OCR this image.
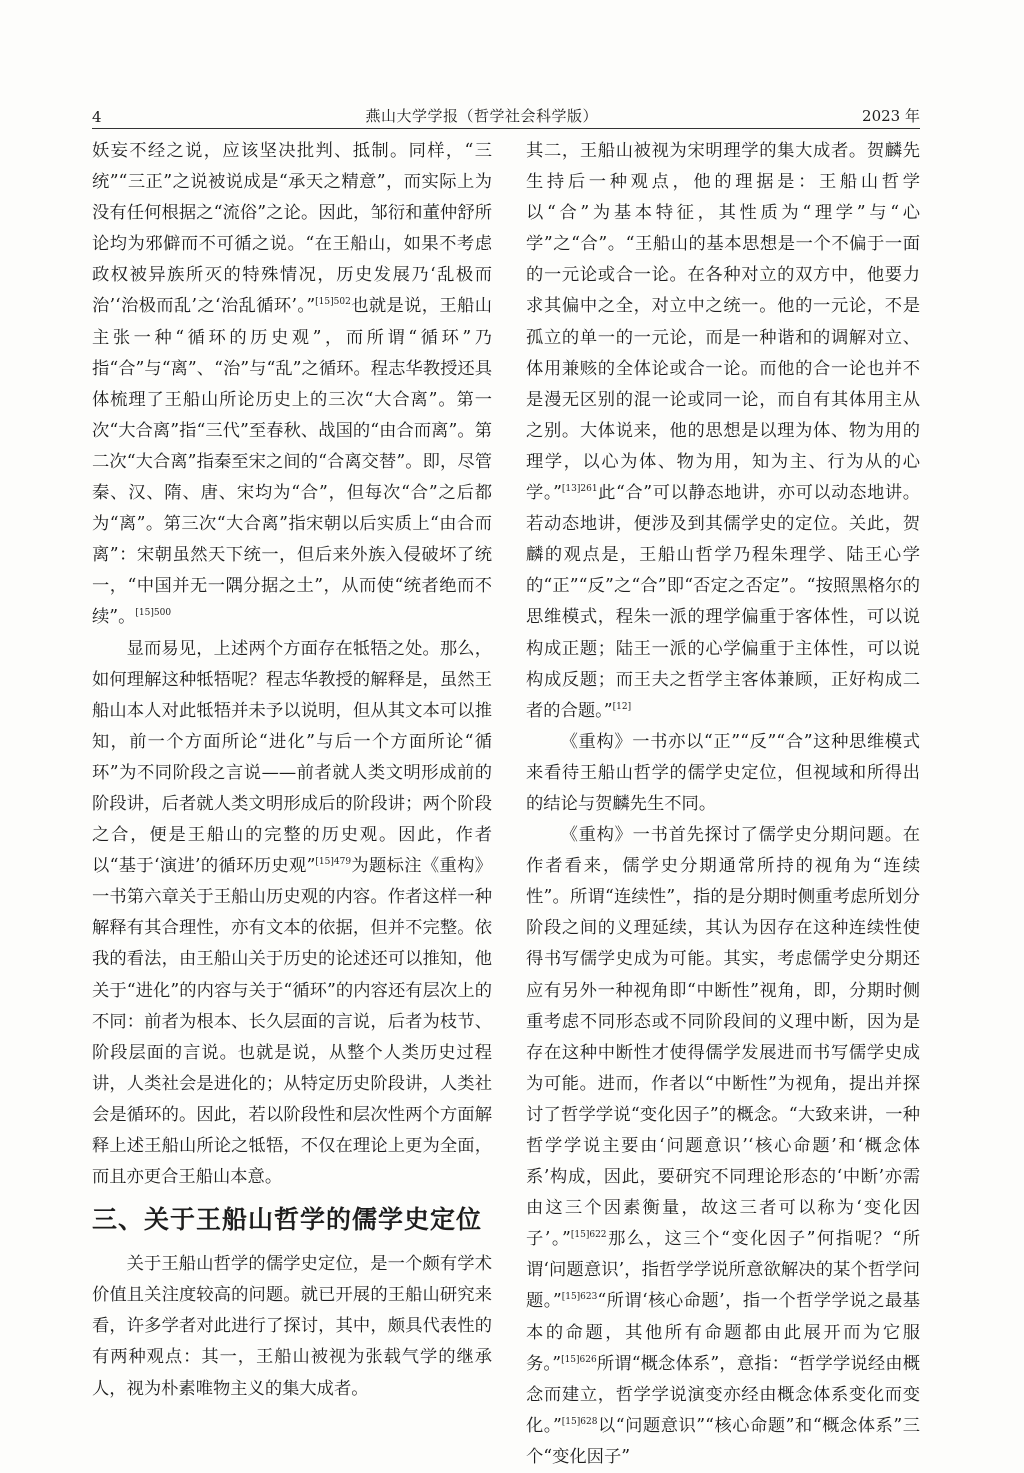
4	燕山大学学报（哲学社会科学版）	2023 年

妖妄不经之说，应该坚决批判、抵制。同样，“三统”“三正”之说被说成是“承天之精意”，而实际上为没有任何根据之“流俗”之论。因此，邹衍和董仲舒所论均为邪僻而不可循之说。“在王船山，如果不考虑政权被异族所灭的特殊情况，历史发展乃‘乱极而治’‘治极而乱’之‘治乱循环’。”$^{[15]502}$也就是说，王船山主张一种“循环的历史观”，而所谓“循环”乃指“合”与“离”、“治”与“乱”之循环。程志华教授还具体梳理了王船山所论历史上的三次“大合离”。第一次“大合离”指“三代”至春秋、战国的“由合而离”。第二次“大合离”指秦至宋之间的“合离交替”。即，尽管秦、汉、隋、唐、宋均为“合”，但每次“合”之后都为“离”。第三次“大合离”指宋朝以后实质上“由合而离”：宋朝虽然天下统一，但后来外族入侵破坏了统一，“中国并无一隅分据之土”，从而使“统者绝而不续”。$^{[15]500}$

显而易见，上述两个方面存在牴牾之处。那么，如何理解这种牴牾呢？程志华教授的解释是，虽然王船山本人对此牴牾并未予以说明，但从其文本可以推知，前一个方面所论“进化”与后一个方面所论“循环”为不同阶段之言说——前者就人类文明形成前的阶段讲，后者就人类文明形成后的阶段讲；两个阶段之合，便是王船山的完整的历史观。因此，作者以“基于‘演进’的循环历史观”$^{[15]479}$为题标注《重构》一书第六章关于王船山历史观的内容。作者这样一种解释有其合理性，亦有文本的依据，但并不完整。依我的看法，由王船山关于历史的论述还可以推知，他关于“进化”的内容与关于“循环”的内容还有层次上的不同：前者为根本、长久层面的言说，后者为枝节、阶段层面的言说。也就是说，从整个人类历史过程讲，人类社会是进化的；从特定历史阶段讲，人类社会是循环的。因此，若以阶段性和层次性两个方面解释上述王船山所论之牴牾，不仅在理论上更为全面，而且亦更合王船山本意。

三、关于王船山哲学的儒学史定位

关于王船山哲学的儒学史定位，是一个颇有学术价值且关注度较高的问题。就已开展的王船山研究来看，许多学者对此进行了探讨，其中，颇具代表性的有两种观点：其一，王船山被视为张载气学的继承人，视为朴素唯物主义的集大成者。

其二，王船山被视为宋明理学的集大成者。贺麟先生持后一种观点，他的理据是：王船山哲学以“合”为基本特征，其性质为“理学”与“心学”之“合”。“王船山的基本思想是一个不偏于一面的一元论或合一论。在各种对立的双方中，他要力求其偏中之全，对立中之统一。他的一元论，不是孤立的单一的一元论，而是一种谐和的调解对立、体用兼赅的全体论或合一论。而他的合一论也并不是漫无区别的混一论或同一论，而自有其体用主从之别。大体说来，他的思想是以理为体、物为用的理学，以心为体、物为用，知为主、行为从的心学。”$^{[13]261}$此“合”可以静态地讲，亦可以动态地讲。若动态地讲，便涉及到其儒学史的定位。关此，贺麟的观点是，王船山哲学乃程朱理学、陆王心学的“正”“反”之“合”即“否定之否定”。“按照黑格尔的思维模式，程朱一派的理学偏重于客体性，可以说构成正题；陆王一派的心学偏重于主体性，可以说构成反题；而王夫之哲学主客体兼顾，正好构成二者的合题。”[12]

《重构》一书亦以“正”“反”“合”这种思维模式来看待王船山哲学的儒学史定位，但视域和所得出的结论与贺麟先生不同。

《重构》一书首先探讨了儒学史分期问题。在作者看来，儒学史分期通常所持的视角为“连续性”。所谓“连续性”，指的是分期时侧重考虑所划分阶段之间的义理延续，其认为因存在这种连续性使得书写儒学史成为可能。其实，考虑儒学史分期还应有另外一种视角即“中断性”视角，即，分期时侧重考虑不同形态或不同阶段间的义理中断，因为是存在这种中断性才使得儒学发展进而书写儒学史成为可能。进而，作者以“中断性”为视角，提出并探讨了哲学学说“变化因子”的概念。“大致来讲，一种哲学学说主要由‘问题意识’‘核心命题’和‘概念体系’构成，因此，要研究不同理论形态的‘中断’亦需由这三个因素衡量，故这三者可以称为‘变化因子’。”$^{[15]622}$那么，这三个“变化因子”何指呢？“所谓‘问题意识’，指哲学学说所意欲解决的某个哲学问题。”$^{[15]623}$“所谓‘核心命题’，指一个哲学学说之最基本的命题，其他所有命题都由此展开而为它服务。”$^{[15]626}$所谓“概念体系”，意指：“哲学学说经由概念而建立，哲学学说演变亦经由概念体系变化而变化。”$^{[15]628}$以“问题意识”“核心命题”和“概念体系”三个“变化因子”
